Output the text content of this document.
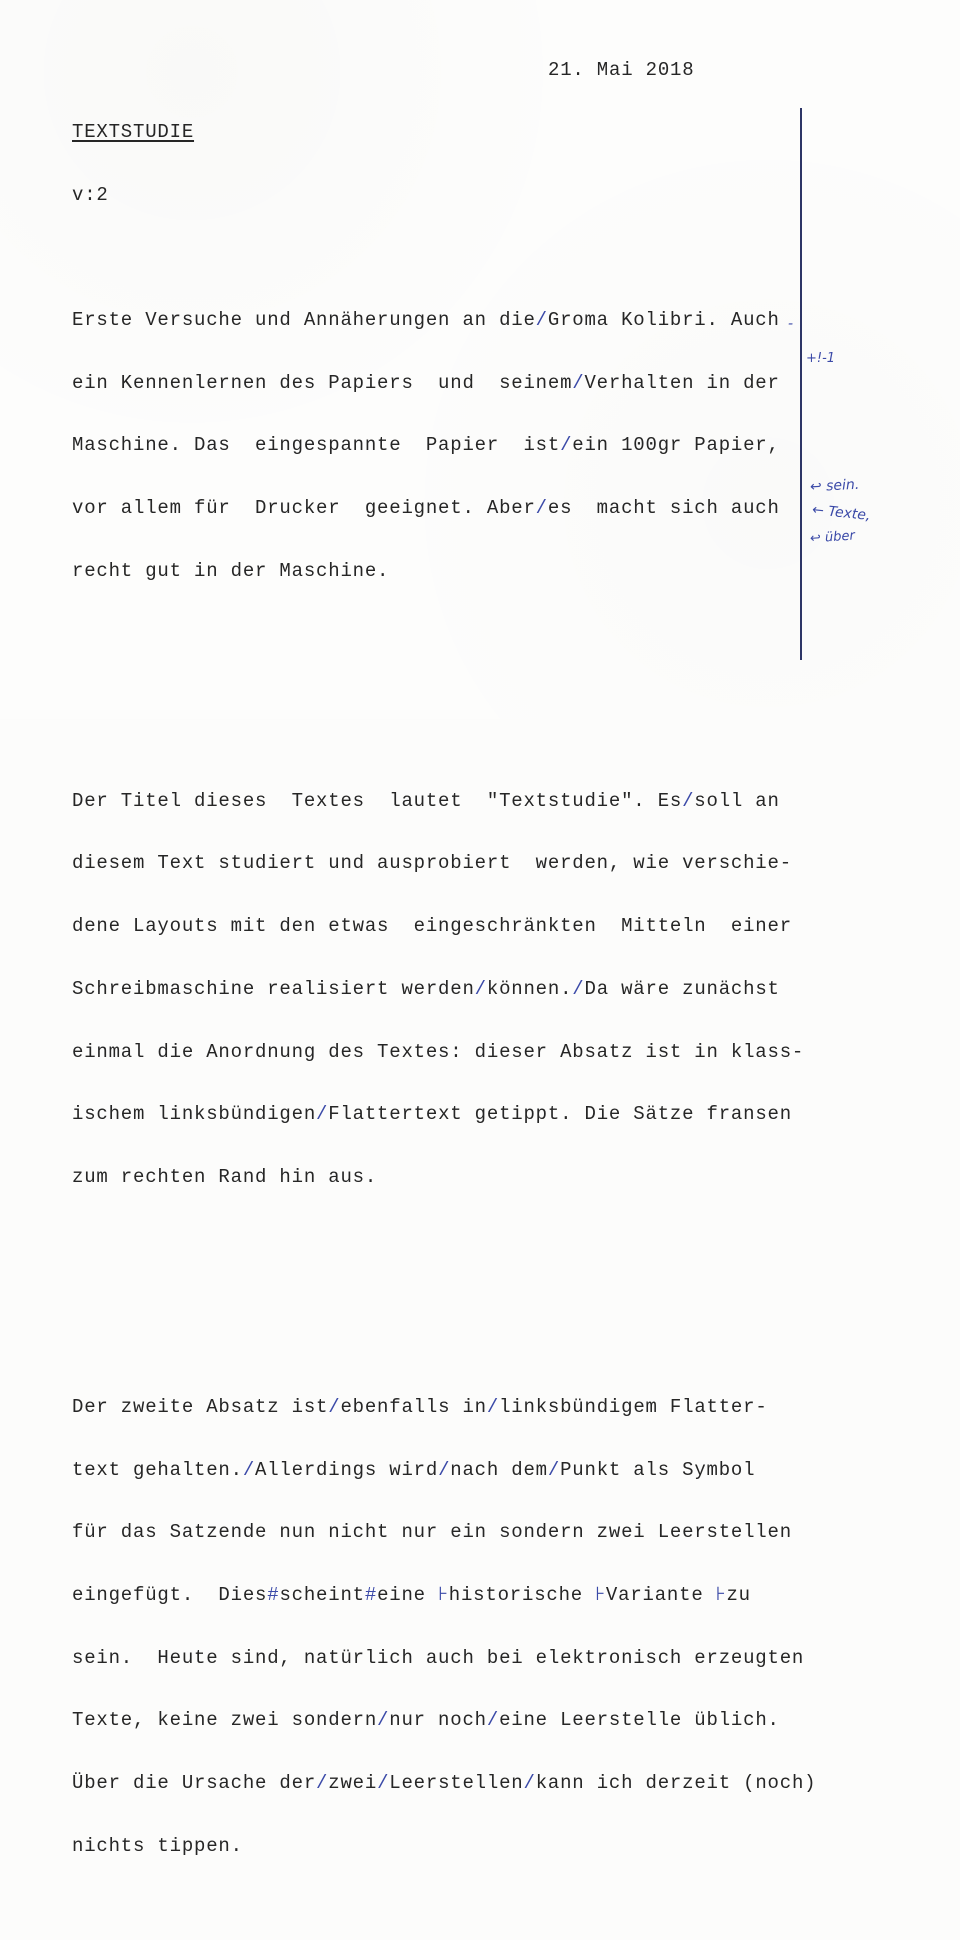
21. Mai 2018

TEXTSTUDIE

v:2

Erste Versuche und Annäherungen an die/Groma Kolibri. Auch

ein Kennenlernen des Papiers  und  seinem/Verhalten in der

Maschine. Das  eingespannte  Papier  ist/ein 100gr Papier,

vor allem für  Drucker  geeignet. Aber/es  macht sich auch

recht gut in der Maschine.

Der Titel dieses  Textes  lautet  "Textstudie". Es/soll an

diesem Text studiert und ausprobiert  werden, wie verschie-

dene Layouts mit den etwas  eingeschränkten  Mitteln  einer

Schreibmaschine realisiert werden/können./Da wäre zunächst

einmal die Anordnung des Textes: dieser Absatz ist in klass-

ischem linksbündigen/Flattertext getippt. Die Sätze fransen

zum rechten Rand hin aus.

Der zweite Absatz ist/ebenfalls in/linksbündigem Flatter-

text gehalten./Allerdings wird/nach dem/Punkt als Symbol

für das Satzende nun nicht nur ein sondern zwei Leerstellen

eingefügt.  Dies#scheint#eine ⊦historische ⊦Variante ⊦zu

sein.  Heute sind, natürlich auch bei elektronisch erzeugten

Texte, keine zwei sondern/nur noch/eine Leerstelle üblich.

Über die Ursache der/zwei/Leerstellen/kann ich derzeit (noch)

nichts tippen.

-
+!-1
↩ sein.
← Texte,
↩ über
